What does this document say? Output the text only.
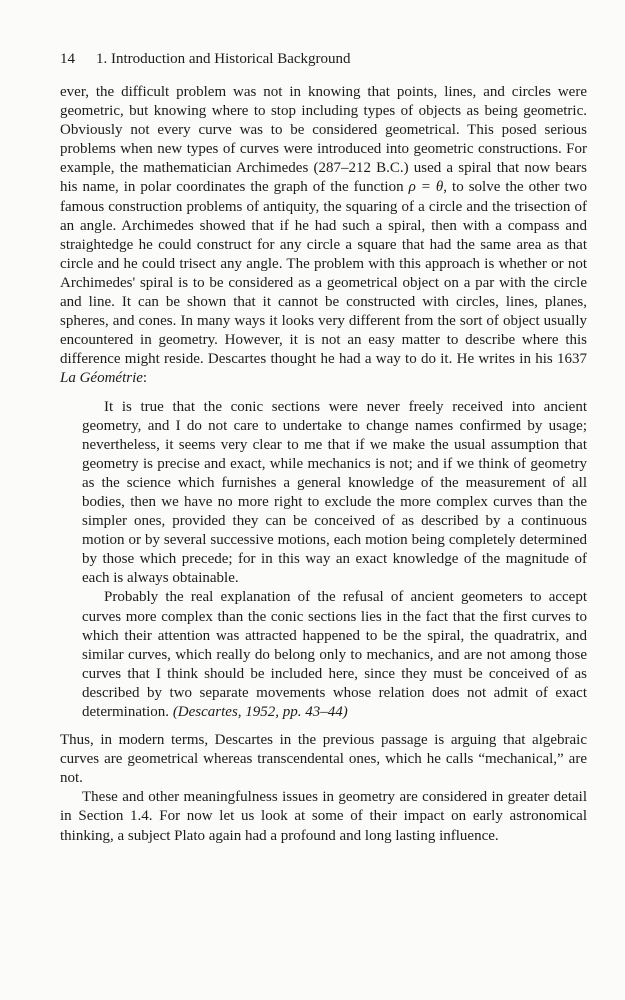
14 1. Introduction and Historical Background

ever, the difficult problem was not in knowing that points, lines, and circles were geometric, but knowing where to stop including types of objects as being geometric. Obviously not every curve was to be considered geometrical. This posed serious problems when new types of curves were introduced into geometric constructions. For example, the mathematician Archimedes (287–212 B.C.) used a spiral that now bears his name, in polar coordinates the graph of the function ρ = θ, to solve the other two famous construction problems of antiquity, the squaring of a circle and the trisection of an angle. Archimedes showed that if he had such a spiral, then with a compass and straightedge he could construct for any circle a square that had the same area as that circle and he could trisect any angle. The problem with this approach is whether or not Archimedes' spiral is to be considered as a geometrical object on a par with the circle and line. It can be shown that it cannot be constructed with circles, lines, planes, spheres, and cones. In many ways it looks very different from the sort of object usually encountered in geometry. However, it is not an easy matter to describe where this difference might reside. Descartes thought he had a way to do it. He writes in his 1637 La Géométrie:

It is true that the conic sections were never freely received into ancient geometry, and I do not care to undertake to change names confirmed by usage; nevertheless, it seems very clear to me that if we make the usual assumption that geometry is precise and exact, while mechanics is not; and if we think of geometry as the science which furnishes a general knowledge of the measurement of all bodies, then we have no more right to exclude the more complex curves than the simpler ones, provided they can be conceived of as described by a continuous motion or by several successive motions, each motion being completely determined by those which precede; for in this way an exact knowledge of the magnitude of each is always obtainable.

Probably the real explanation of the refusal of ancient geometers to accept curves more complex than the conic sections lies in the fact that the first curves to which their attention was attracted happened to be the spiral, the quadratrix, and similar curves, which really do belong only to mechanics, and are not among those curves that I think should be included here, since they must be conceived of as described by two separate movements whose relation does not admit of exact determination. (Descartes, 1952, pp. 43–44)

Thus, in modern terms, Descartes in the previous passage is arguing that algebraic curves are geometrical whereas transcendental ones, which he calls “mechanical,” are not.

These and other meaningfulness issues in geometry are considered in greater detail in Section 1.4. For now let us look at some of their impact on early astronomical thinking, a subject Plato again had a profound and long lasting influence.
